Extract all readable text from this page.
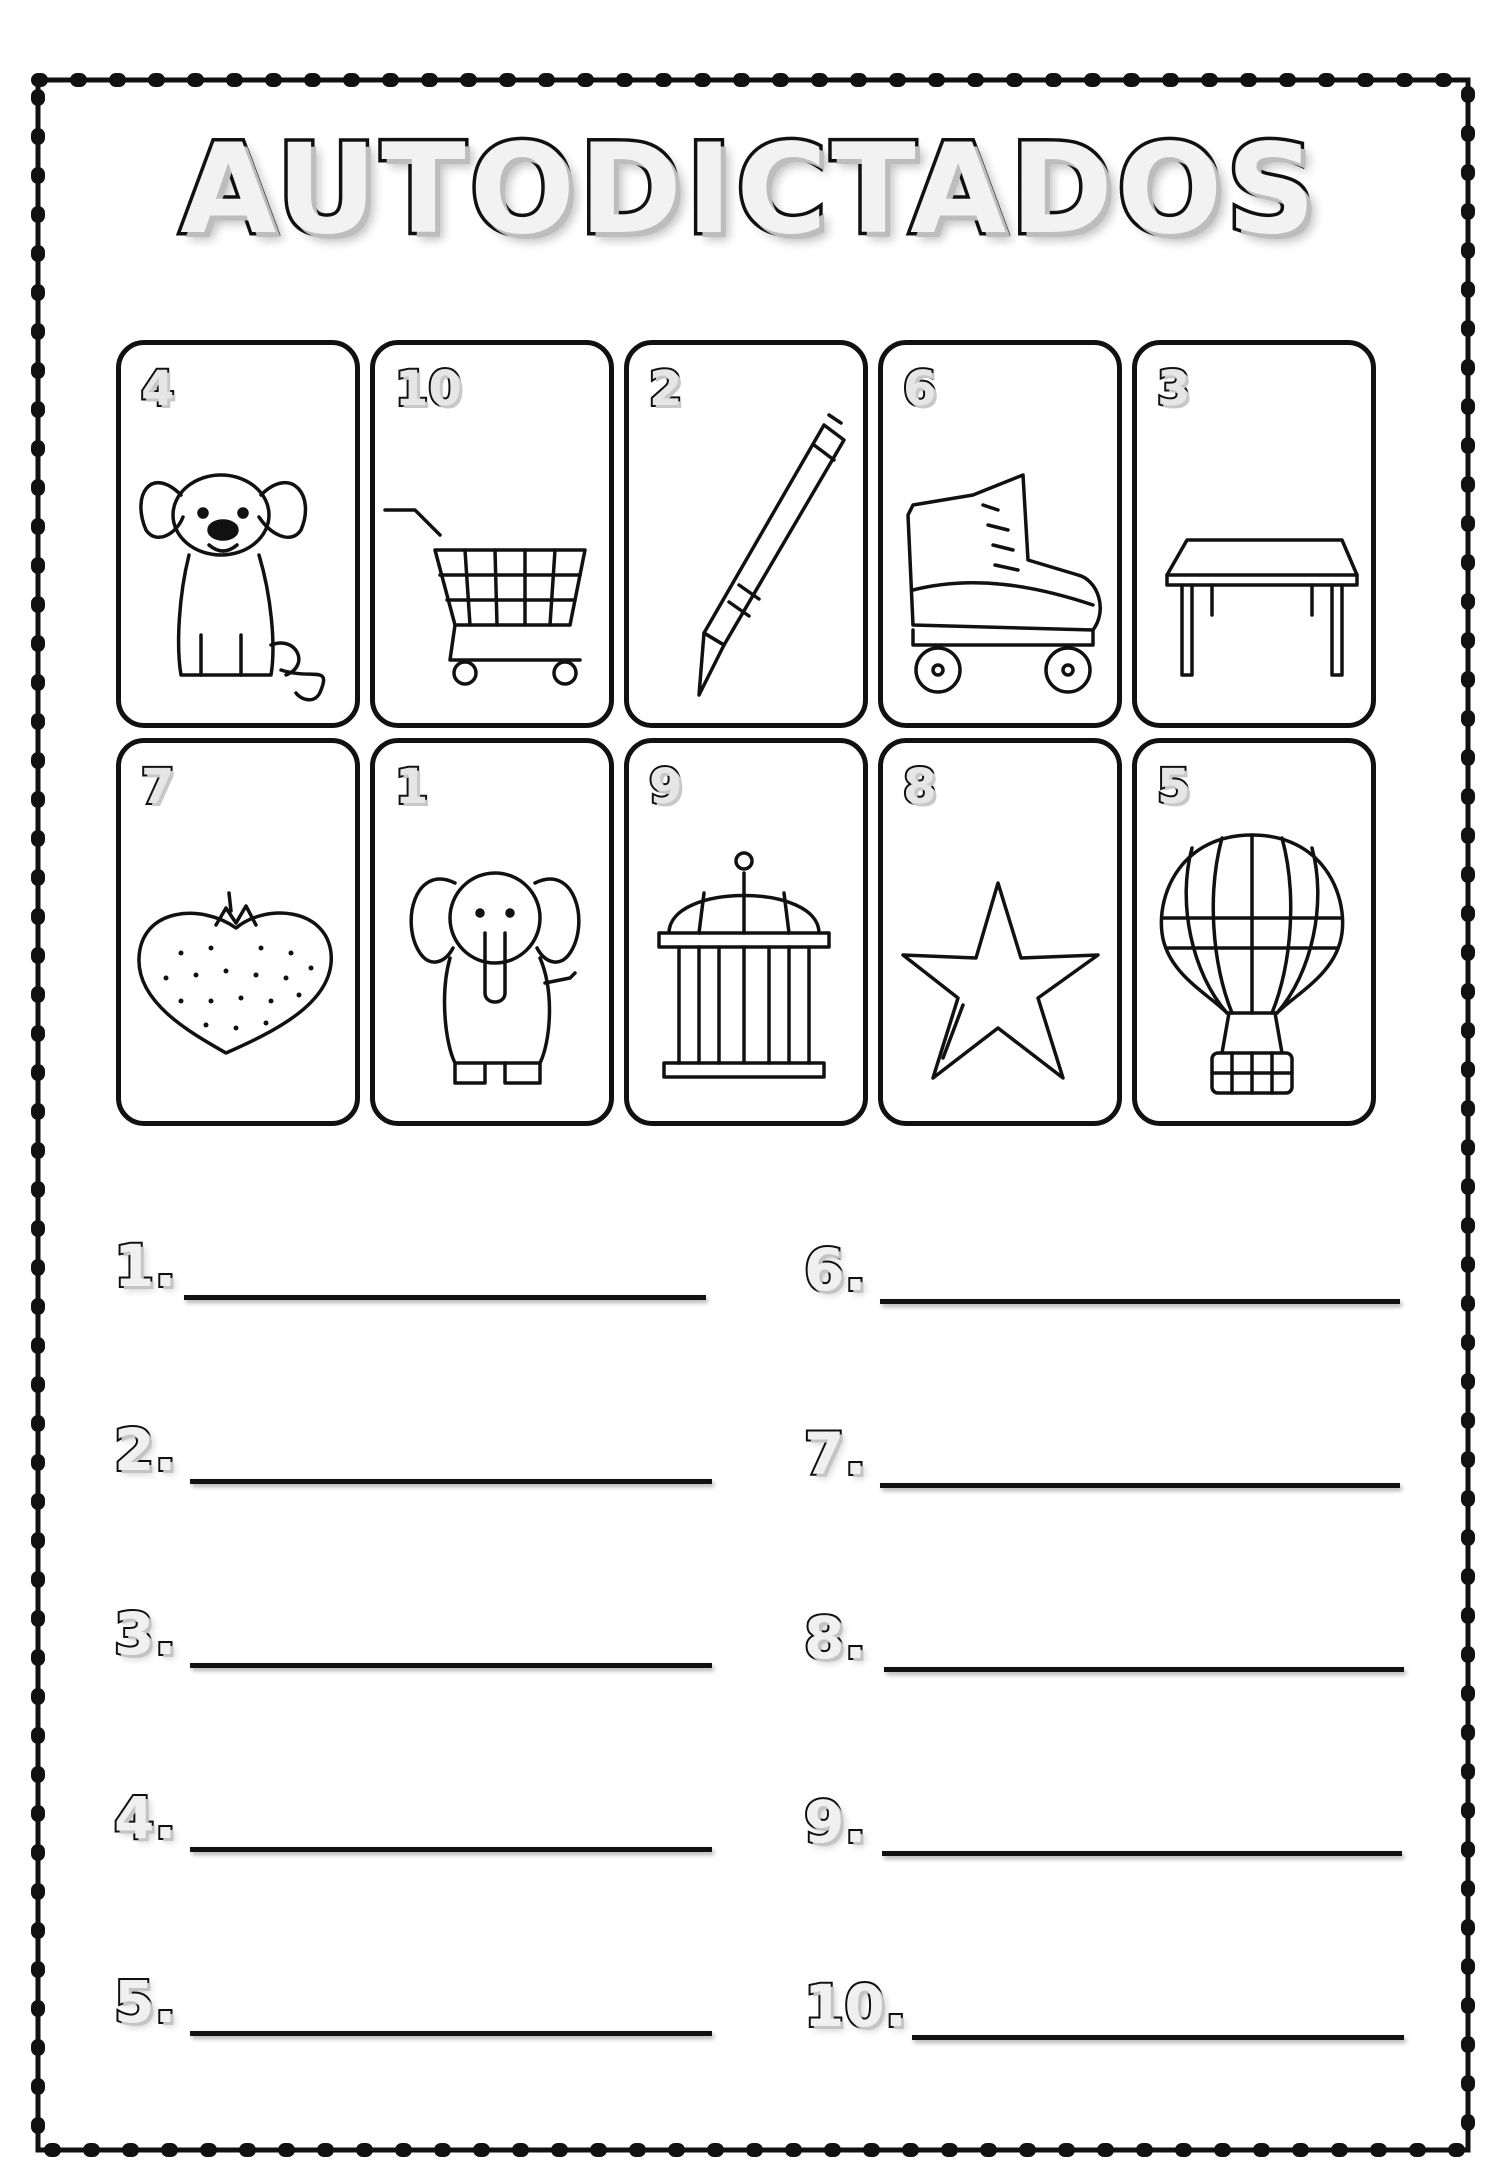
AUTODICTADOS
4	10	2	6	3
7	1	9	8	5
1.
2.
3.
4.
5.
6.
7.
8.
9.
10.
